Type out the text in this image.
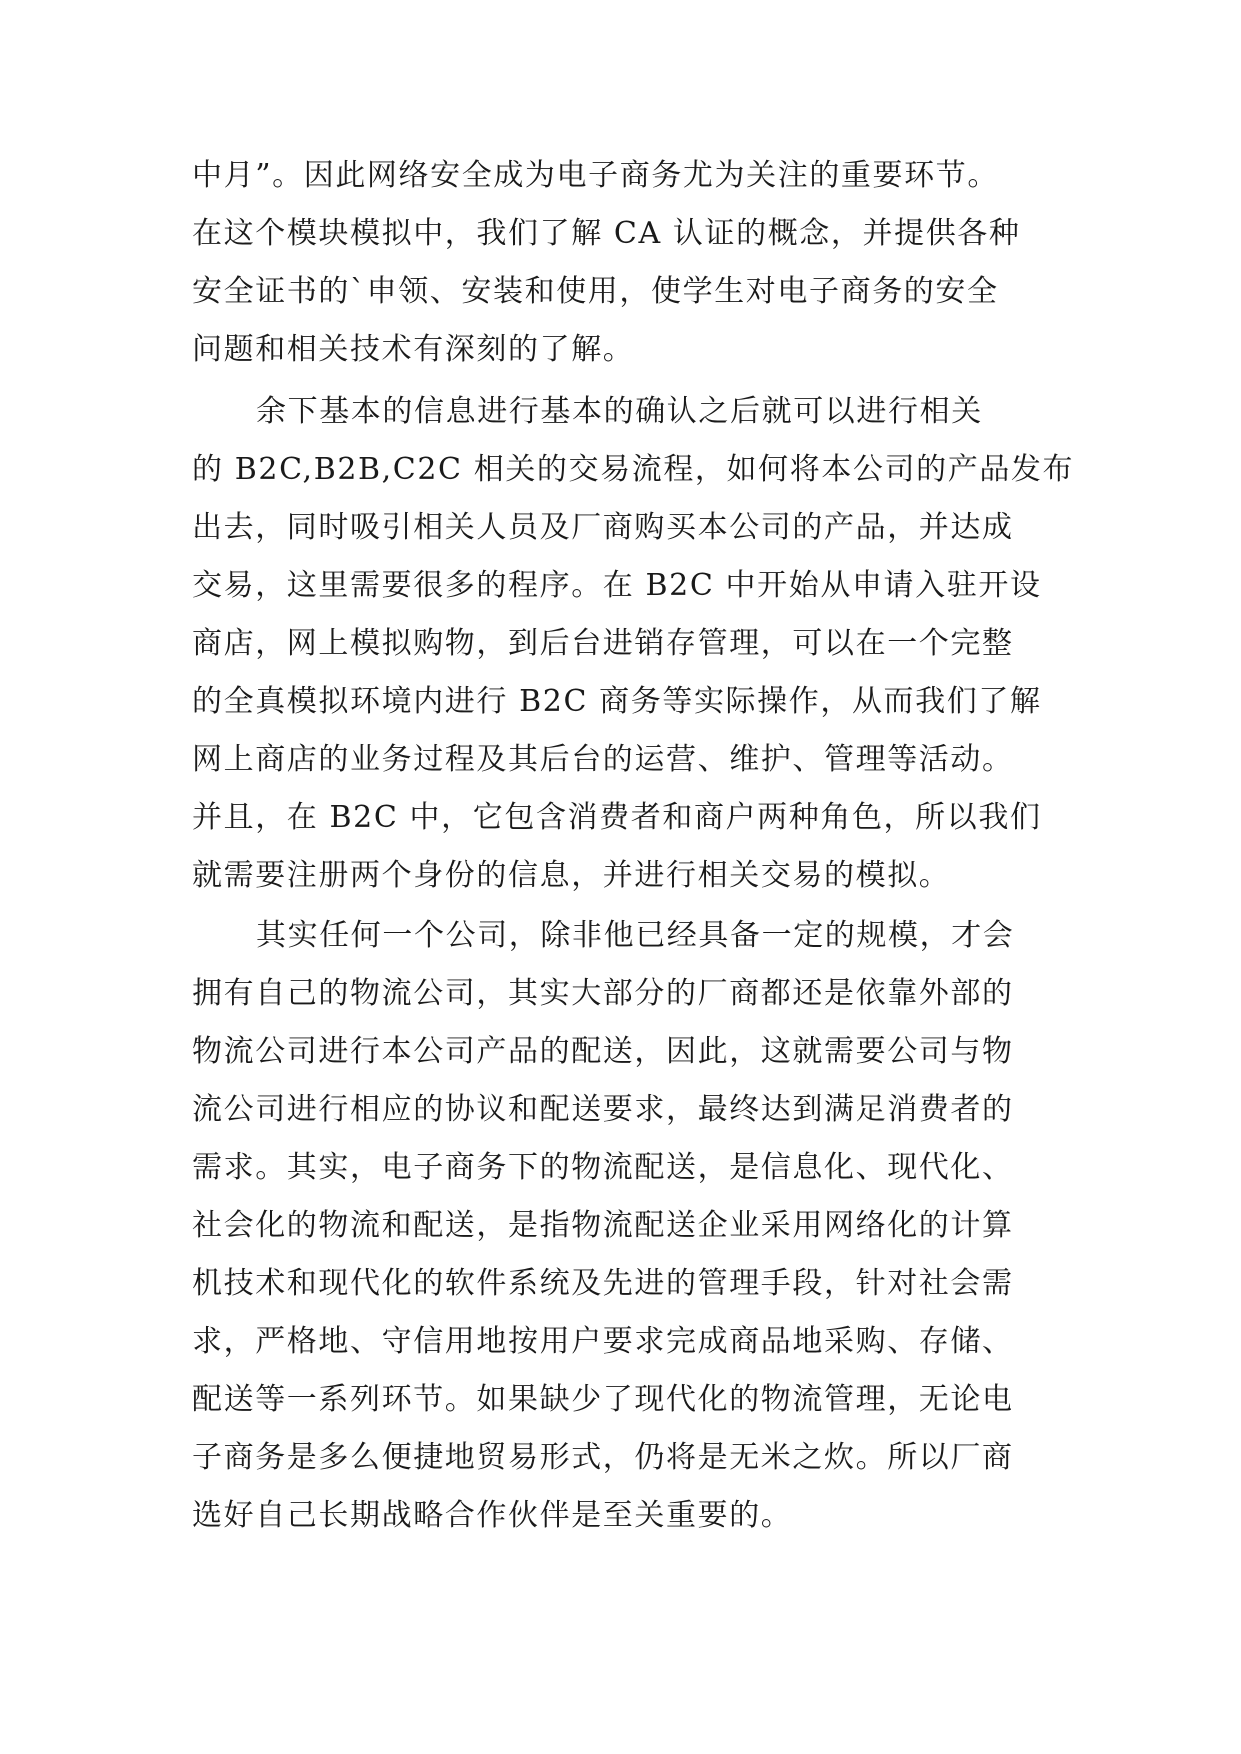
中月”。因此网络安全成为电子商务尤为关注的重要环节。
在这个模块模拟中，我们了解 CA 认证的概念，并提供各种
安全证书的`申领、安装和使用，使学生对电子商务的安全
问题和相关技术有深刻的了解。
余下基本的信息进行基本的确认之后就可以进行相关
的 B2C,B2B,C2C 相关的交易流程，如何将本公司的产品发布
出去，同时吸引相关人员及厂商购买本公司的产品，并达成
交易，这里需要很多的程序。在 B2C 中开始从申请入驻开设
商店，网上模拟购物，到后台进销存管理，可以在一个完整
的全真模拟环境内进行 B2C 商务等实际操作，从而我们了解
网上商店的业务过程及其后台的运营、维护、管理等活动。
并且，在 B2C 中，它包含消费者和商户两种角色，所以我们
就需要注册两个身份的信息，并进行相关交易的模拟。
其实任何一个公司，除非他已经具备一定的规模，才会
拥有自己的物流公司，其实大部分的厂商都还是依靠外部的
物流公司进行本公司产品的配送，因此，这就需要公司与物
流公司进行相应的协议和配送要求，最终达到满足消费者的
需求。其实，电子商务下的物流配送，是信息化、现代化、
社会化的物流和配送，是指物流配送企业采用网络化的计算
机技术和现代化的软件系统及先进的管理手段，针对社会需
求，严格地、守信用地按用户要求完成商品地采购、存储、
配送等一系列环节。如果缺少了现代化的物流管理，无论电
子商务是多么便捷地贸易形式，仍将是无米之炊。所以厂商
选好自己长期战略合作伙伴是至关重要的。
